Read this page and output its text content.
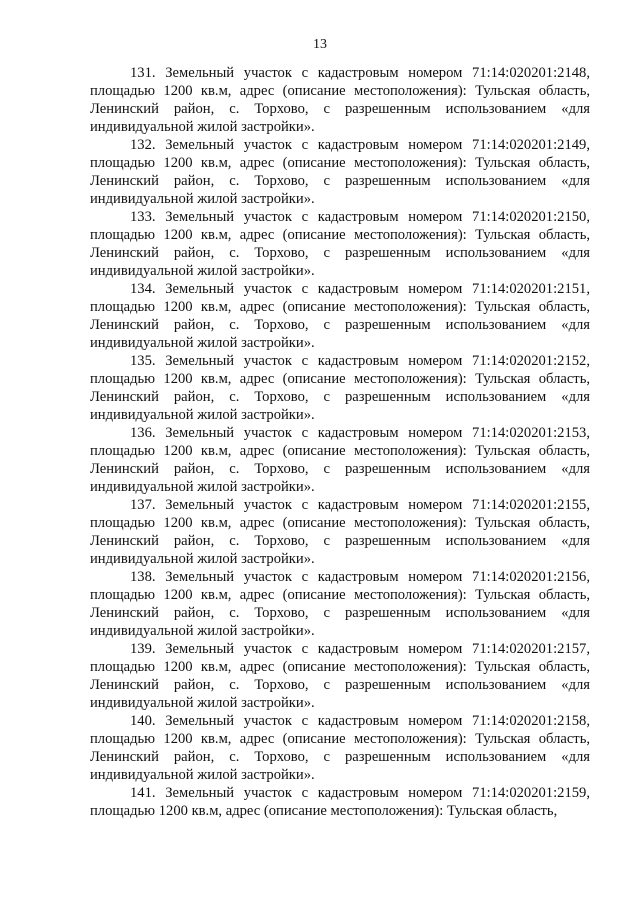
13

131. Земельный участок с кадастровым номером 71:14:020201:2148, площадью 1200 кв.м, адрес (описание местоположения): Тульская область, Ленинский район, с. Торхово, с разрешенным использованием «для индивидуальной жилой застройки».

132. Земельный участок с кадастровым номером 71:14:020201:2149, площадью 1200 кв.м, адрес (описание местоположения): Тульская область, Ленинский район, с. Торхово, с разрешенным использованием «для индивидуальной жилой застройки».

133. Земельный участок с кадастровым номером 71:14:020201:2150, площадью 1200 кв.м, адрес (описание местоположения): Тульская область, Ленинский район, с. Торхово, с разрешенным использованием «для индивидуальной жилой застройки».

134. Земельный участок с кадастровым номером 71:14:020201:2151, площадью 1200 кв.м, адрес (описание местоположения): Тульская область, Ленинский район, с. Торхово, с разрешенным использованием «для индивидуальной жилой застройки».

135. Земельный участок с кадастровым номером 71:14:020201:2152, площадью 1200 кв.м, адрес (описание местоположения): Тульская область, Ленинский район, с. Торхово, с разрешенным использованием «для индивидуальной жилой застройки».

136. Земельный участок с кадастровым номером 71:14:020201:2153, площадью 1200 кв.м, адрес (описание местоположения): Тульская область, Ленинский район, с. Торхово, с разрешенным использованием «для индивидуальной жилой застройки».

137. Земельный участок с кадастровым номером 71:14:020201:2155, площадью 1200 кв.м, адрес (описание местоположения): Тульская область, Ленинский район, с. Торхово, с разрешенным использованием «для индивидуальной жилой застройки».

138. Земельный участок с кадастровым номером 71:14:020201:2156, площадью 1200 кв.м, адрес (описание местоположения): Тульская область, Ленинский район, с. Торхово, с разрешенным использованием «для индивидуальной жилой застройки».

139. Земельный участок с кадастровым номером 71:14:020201:2157, площадью 1200 кв.м, адрес (описание местоположения): Тульская область, Ленинский район, с. Торхово, с разрешенным использованием «для индивидуальной жилой застройки».

140. Земельный участок с кадастровым номером 71:14:020201:2158, площадью 1200 кв.м, адрес (описание местоположения): Тульская область, Ленинский район, с. Торхово, с разрешенным использованием «для индивидуальной жилой застройки».

141. Земельный участок с кадастровым номером 71:14:020201:2159, площадью 1200 кв.м, адрес (описание местоположения): Тульская область,
